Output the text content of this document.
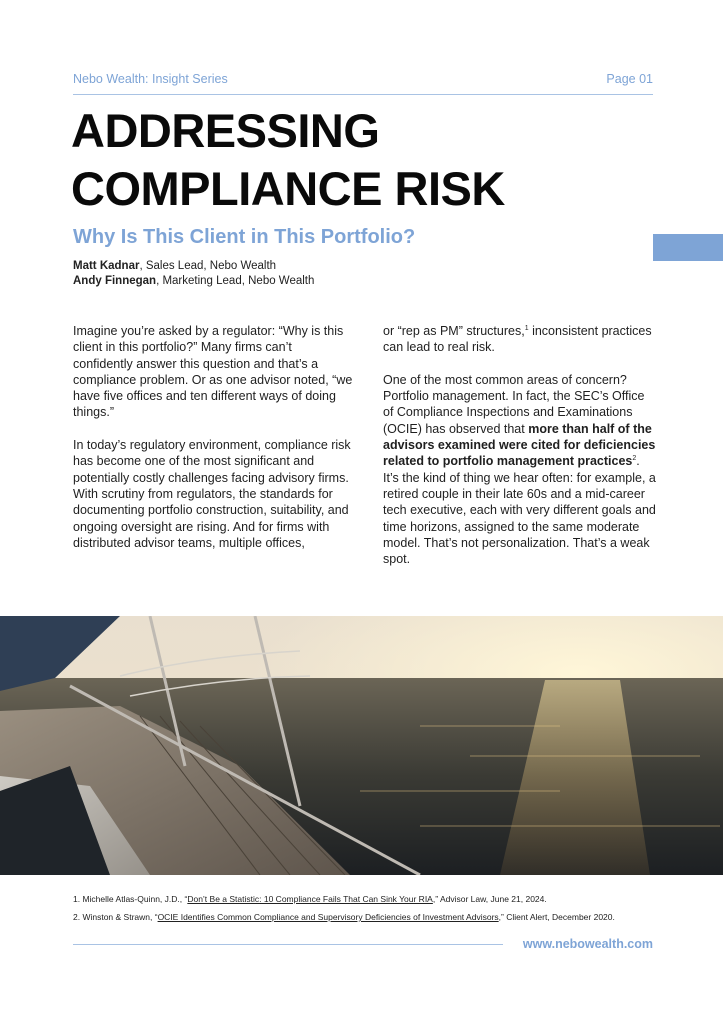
Nebo Wealth: Insight Series	Page 01
ADDRESSING
COMPLIANCE RISK
Why Is This Client in This Portfolio?
Matt Kadnar, Sales Lead, Nebo Wealth
Andy Finnegan, Marketing Lead, Nebo Wealth

Imagine you’re asked by a regulator: “Why is this client in this portfolio?” Many firms can’t confidently answer this question and that’s a compliance problem. Or as one advisor noted, “we have five offices and ten different ways of doing things.”

In today’s regulatory environment, compliance risk has become one of the most significant and potentially costly challenges facing advisory firms. With scrutiny from regulators, the standards for documenting portfolio construction, suitability, and ongoing oversight are rising. And for firms with distributed advisor teams, multiple offices,

or “rep as PM” structures,$^1$ inconsistent practices can lead to real risk.

One of the most common areas of concern? Portfolio management. In fact, the SEC’s Office of Compliance Inspections and Examinations (OCIE) has observed that more than half of the advisors examined were cited for deficiencies related to portfolio management practices$^2$. It’s the kind of thing we hear often: for example, a retired couple in their late 60s and a mid-career tech executive, each with very different goals and time horizons, assigned to the same moderate model. That’s not personalization. That’s a weak spot.

1. Michelle Atlas-Quinn, J.D., “Don’t Be a Statistic: 10 Compliance Fails That Can Sink Your RIA,” Advisor Law, June 21, 2024.
2. Winston & Strawn, “OCIE Identifies Common Compliance and Supervisory Deficiencies of Investment Advisors,” Client Alert, December 2020.
www.nebowealth.com
